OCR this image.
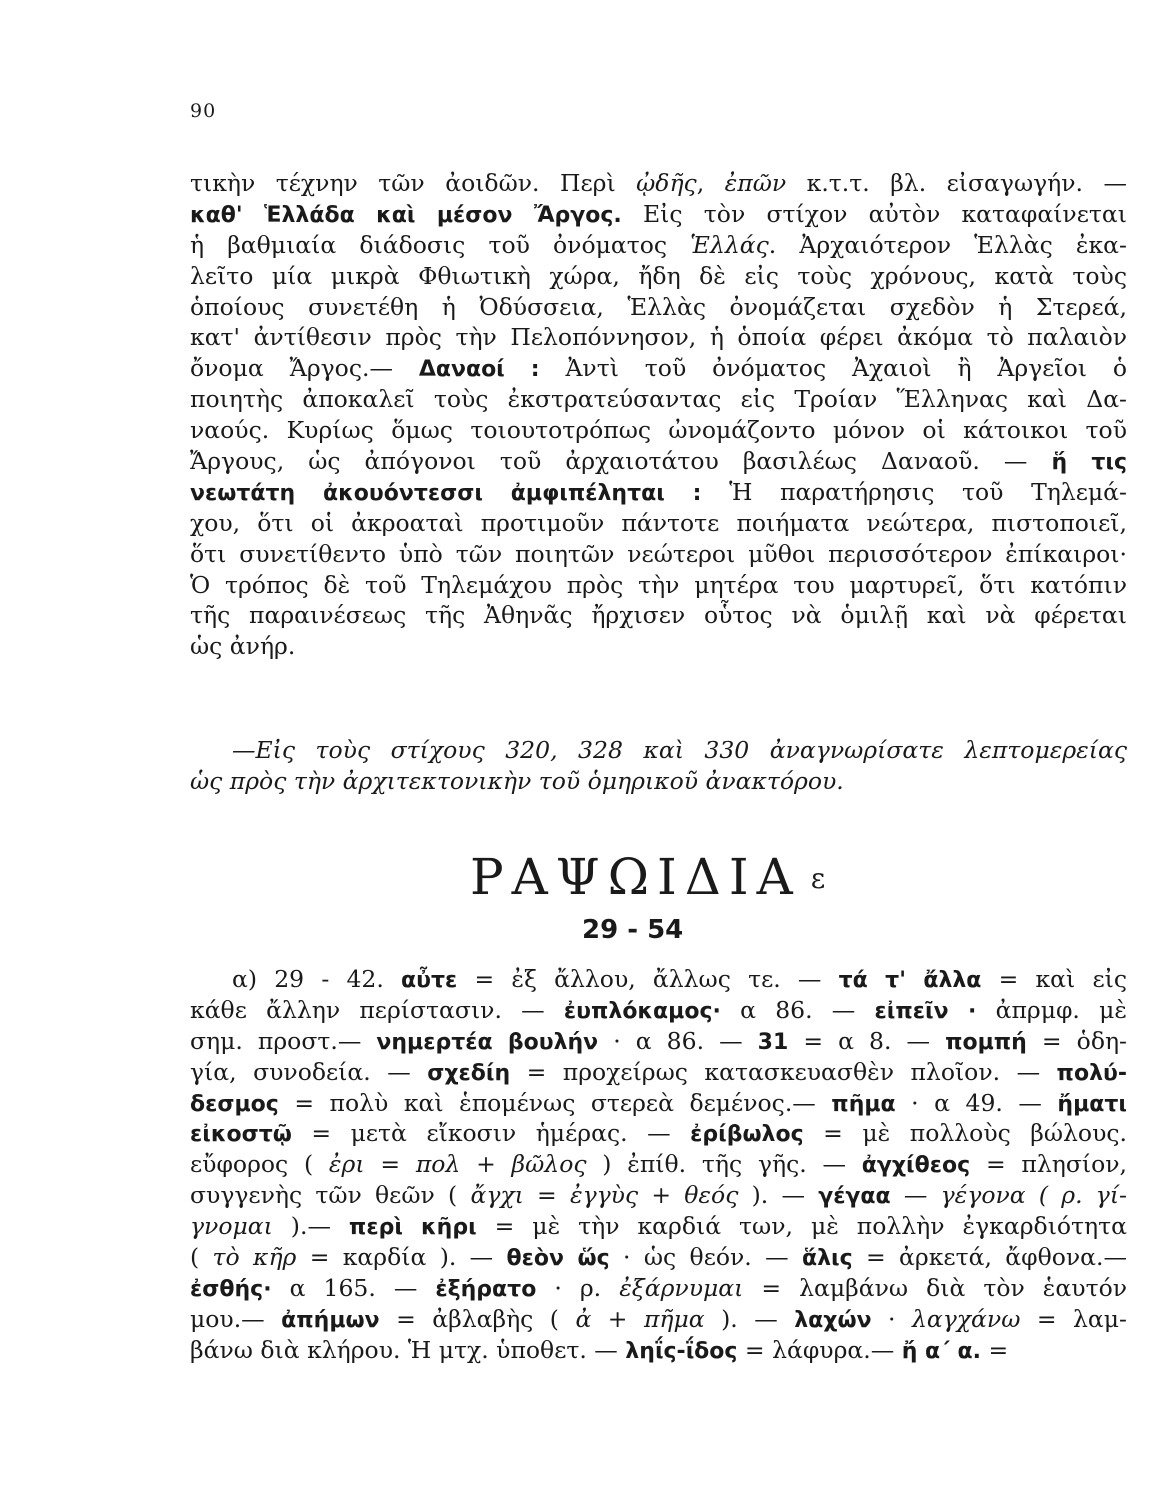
90
τικὴν τέχνην τῶν ἀοιδῶν. Περὶ ᾠδῆς, ἐπῶν κ.τ.τ. βλ. εἰσαγωγήν. —
καθ' Ἑλλάδα καὶ μέσον Ἄργος. Εἰς τὸν στίχον αὐτὸν καταφαίνεται
ἡ βαθμιαία διάδοσις τοῦ ὀνόματος Ἑλλάς. Ἀρχαιότερον Ἑλλὰς ἐκα-
λεῖτο μία μικρὰ Φθιωτικὴ χώρα, ἤδη δὲ εἰς τοὺς χρόνους, κατὰ τοὺς
ὁποίους συνετέθη ἡ Ὀδύσσεια, Ἑλλὰς ὀνομάζεται σχεδὸν ἡ Στερεά,
κατ' ἀντίθεσιν πρὸς τὴν Πελοπόννησον, ἡ ὁποία φέρει ἀκόμα τὸ παλαιὸν
ὄνομα Ἄργος.— Δαναοί : Ἀντὶ τοῦ ὀνόματος Ἀχαιοὶ ἢ Ἀργεῖοι ὁ
ποιητὴς ἀποκαλεῖ τοὺς ἐκστρατεύσαντας εἰς Τροίαν Ἕλληνας καὶ Δα-
ναούς. Κυρίως ὅμως τοιουτοτρόπως ὠνομάζοντο μόνον οἱ κάτοικοι τοῦ
Ἄργους, ὡς ἀπόγονοι τοῦ ἀρχαιοτάτου βασιλέως Δαναοῦ. — ἥ τις
νεωτάτη ἀκουόντεσσι ἀμφιπέληται : Ἡ παρατήρησις τοῦ Τηλεμά-
χου, ὅτι οἱ ἀκροαταὶ προτιμοῦν πάντοτε ποιήματα νεώτερα, πιστοποιεῖ,
ὅτι συνετίθεντο ὑπὸ τῶν ποιητῶν νεώτεροι μῦθοι περισσότερον ἐπίκαιροι·
Ὁ τρόπος δὲ τοῦ Τηλεμάχου πρὸς τὴν μητέρα του μαρτυρεῖ, ὅτι κατόπιν
τῆς παραινέσεως τῆς Ἀθηνᾶς ἤρχισεν οὗτος νὰ ὁμιλῇ καὶ νὰ φέρεται
ὡς ἀνήρ.
—Εἰς τοὺς στίχους 320, 328 καὶ 330 ἀναγνωρίσατε λεπτομερείας
ὡς πρὸς τὴν ἀρχιτεκτονικὴν τοῦ ὁμηρικοῦ ἀνακτόρου.
ΡΑΨΩΙΔΙΑ ε
29 - 54
α) 29 - 42. αὖτε = ἐξ ἄλλου, ἄλλως τε. — τά τ' ἄλλα = καὶ εἰς
κάθε ἄλλην περίστασιν. — ἐυπλόκαμος· α 86. — εἰπεῖν · ἀπρμφ. μὲ
σημ. προστ.— νημερτέα βουλήν · α 86. — 31 = α 8. — πομπή = ὁδη-
γία, συνοδεία. — σχεδίη = προχείρως κατασκευασθὲν πλοῖον. — πολύ-
δεσμος = πολὺ καὶ ἑπομένως στερεὰ δεμένος.— πῆμα · α 49. — ἤματι
εἰκοστῷ = μετὰ εἴκοσιν ἡμέρας. — ἐρίβωλος = μὲ πολλοὺς βώλους.
εὔφορος ( ἐρι = πολ + βῶλος ) ἐπίθ. τῆς γῆς. — ἀγχίθεος = πλησίον,
συγγενὴς τῶν θεῶν ( ἄγχι = ἐγγὺς + θεός ). — γέγαα — γέγονα ( ρ. γί-
γνομαι ).— περὶ κῆρι = μὲ τὴν καρδιά των, μὲ πολλὴν ἐγκαρδιότητα
( τὸ κῆρ = καρδία ). — θεὸν ὥς · ὡς θεόν. — ἅλις = ἀρκετά, ἄφθονα.—
ἐσθής· α 165. — ἐξήρατο · ρ. ἐξάρνυμαι = λαμβάνω διὰ τὸν ἑαυτόν
μου.— ἀπήμων = ἀβλαβὴς ( ἀ + πῆμα ). — λαχών · λαγχάνω = λαμ-
βάνω διὰ κλήρου. Ἡ μτχ. ὑποθετ. — ληΐς-ΐδος = λάφυρα.— ἤ α΄ α. =
